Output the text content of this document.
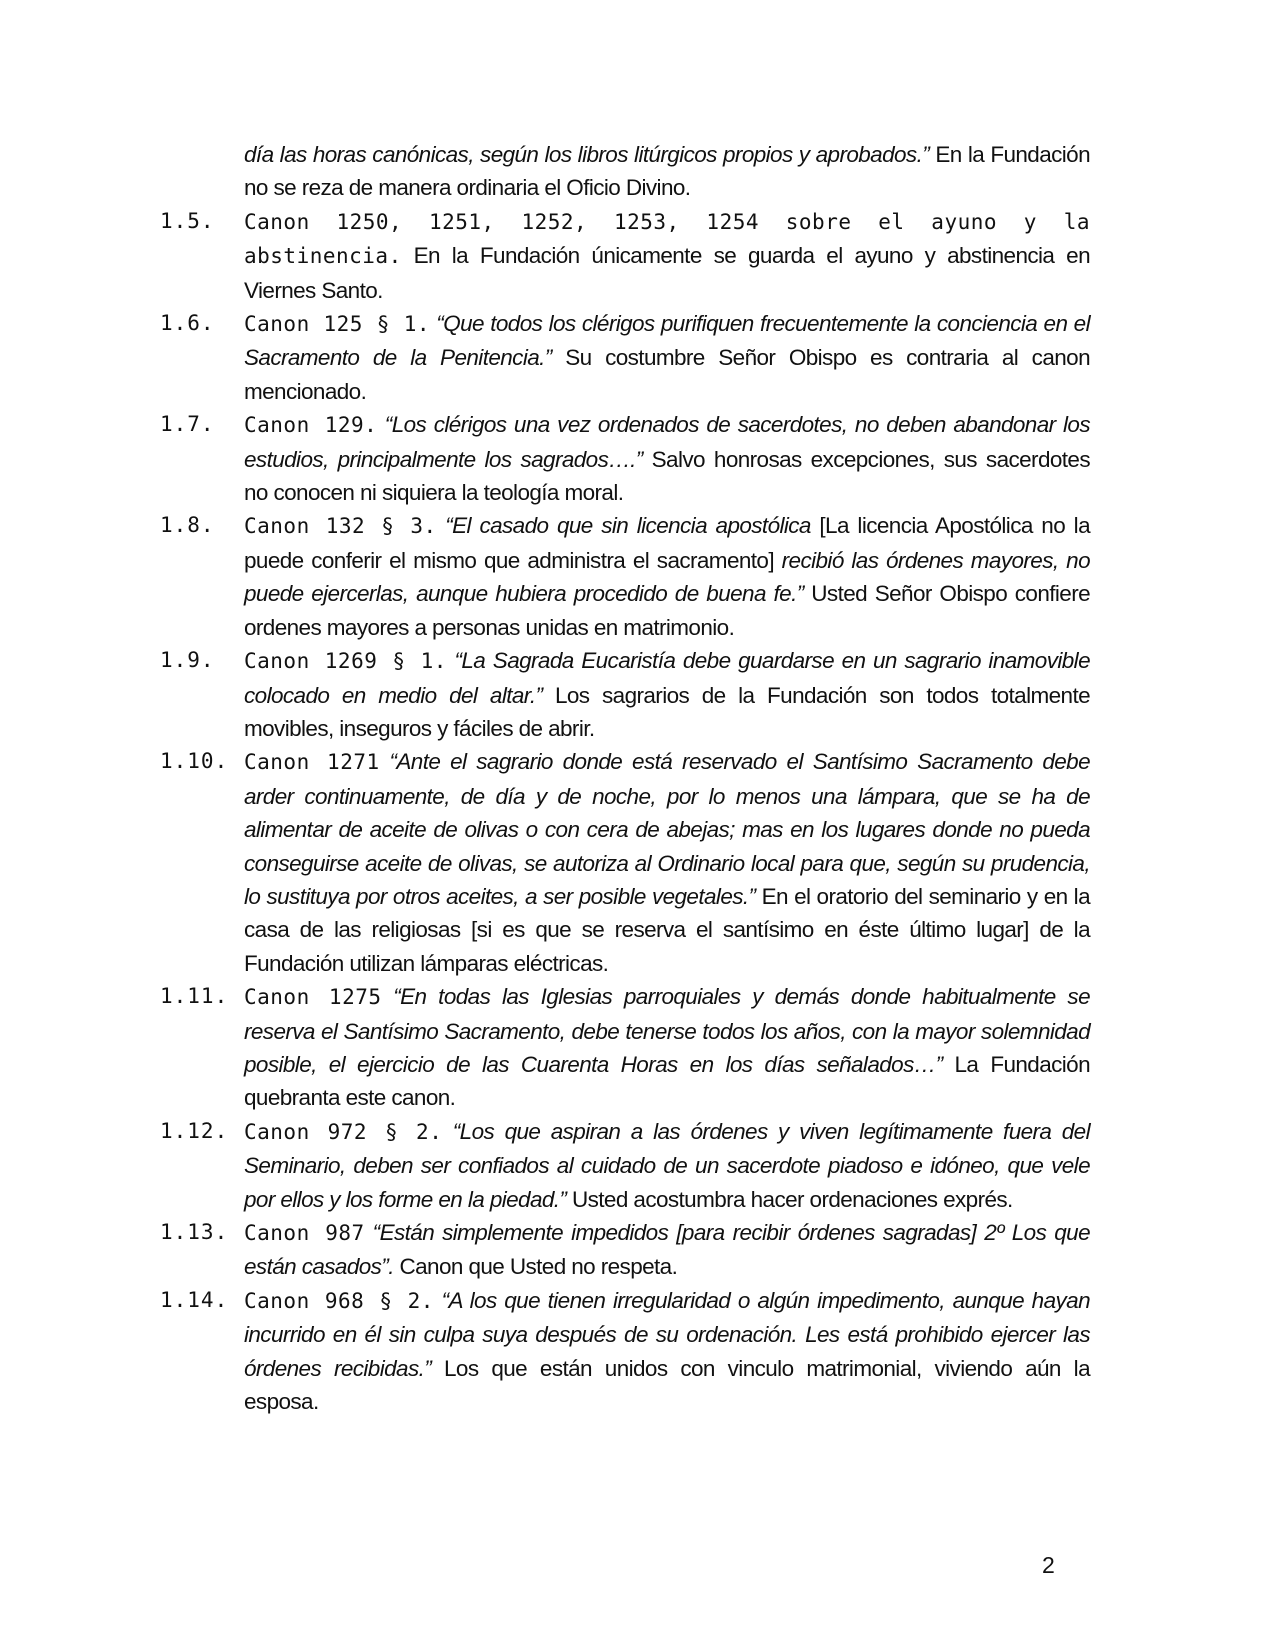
día las horas canónicas, según los libros litúrgicos propios y aprobados.” En la Fundación no se reza de manera ordinaria el Oficio Divino.
1.5.	Canon 1250, 1251, 1252, 1253, 1254 sobre el ayuno y la abstinencia. En la Fundación únicamente se guarda el ayuno y abstinencia en Viernes Santo.
1.6.	Canon 125 § 1. “Que todos los clérigos purifiquen frecuentemente la conciencia en el Sacramento de la Penitencia.” Su costumbre Señor Obispo es contraria al canon mencionado.
1.7.	Canon 129. “Los clérigos una vez ordenados de sacerdotes, no deben abandonar los estudios, principalmente los sagrados….” Salvo honrosas excepciones, sus sacerdotes no conocen ni siquiera la teología moral.
1.8.	Canon 132 § 3. “El casado que sin licencia apostólica [La licencia Apostólica no la puede conferir el mismo que administra el sacramento] recibió las órdenes mayores, no puede ejercerlas, aunque hubiera procedido de buena fe.” Usted Señor Obispo confiere ordenes mayores a personas unidas en matrimonio.
1.9.	Canon 1269 § 1. “La Sagrada Eucaristía debe guardarse en un sagrario inamovible colocado en medio del altar.” Los sagrarios de la Fundación son todos totalmente movibles, inseguros y fáciles de abrir.
1.10. Canon 1271 “Ante el sagrario donde está reservado el Santísimo Sacramento debe arder continuamente, de día y de noche, por lo menos una lámpara, que se ha de alimentar de aceite de olivas o con cera de abejas; mas en los lugares donde no pueda conseguirse aceite de olivas, se autoriza al Ordinario local para que, según su prudencia, lo sustituya por otros aceites, a ser posible vegetales.” En el oratorio del seminario y en la casa de las religiosas [si es que se reserva el santísimo en éste último lugar] de la Fundación utilizan lámparas eléctricas.
1.11. Canon 1275 “En todas las Iglesias parroquiales y demás donde habitualmente se reserva el Santísimo Sacramento, debe tenerse todos los años, con la mayor solemnidad posible, el ejercicio de las Cuarenta Horas en los días señalados…” La Fundación quebranta este canon.
1.12. Canon 972 § 2. “Los que aspiran a las órdenes y viven legítimamente fuera del Seminario, deben ser confiados al cuidado de un sacerdote piadoso e idóneo, que vele por ellos y los forme en la piedad.” Usted acostumbra hacer ordenaciones exprés.
1.13. Canon 987 “Están simplemente impedidos [para recibir órdenes sagradas] 2º Los que están casados”. Canon que Usted no respeta.
1.14. Canon 968 § 2. “A los que tienen irregularidad o algún impedimento, aunque hayan incurrido en él sin culpa suya después de su ordenación. Les está prohibido ejercer las órdenes recibidas.” Los que están unidos con vinculo matrimonial, viviendo aún la esposa.
2
